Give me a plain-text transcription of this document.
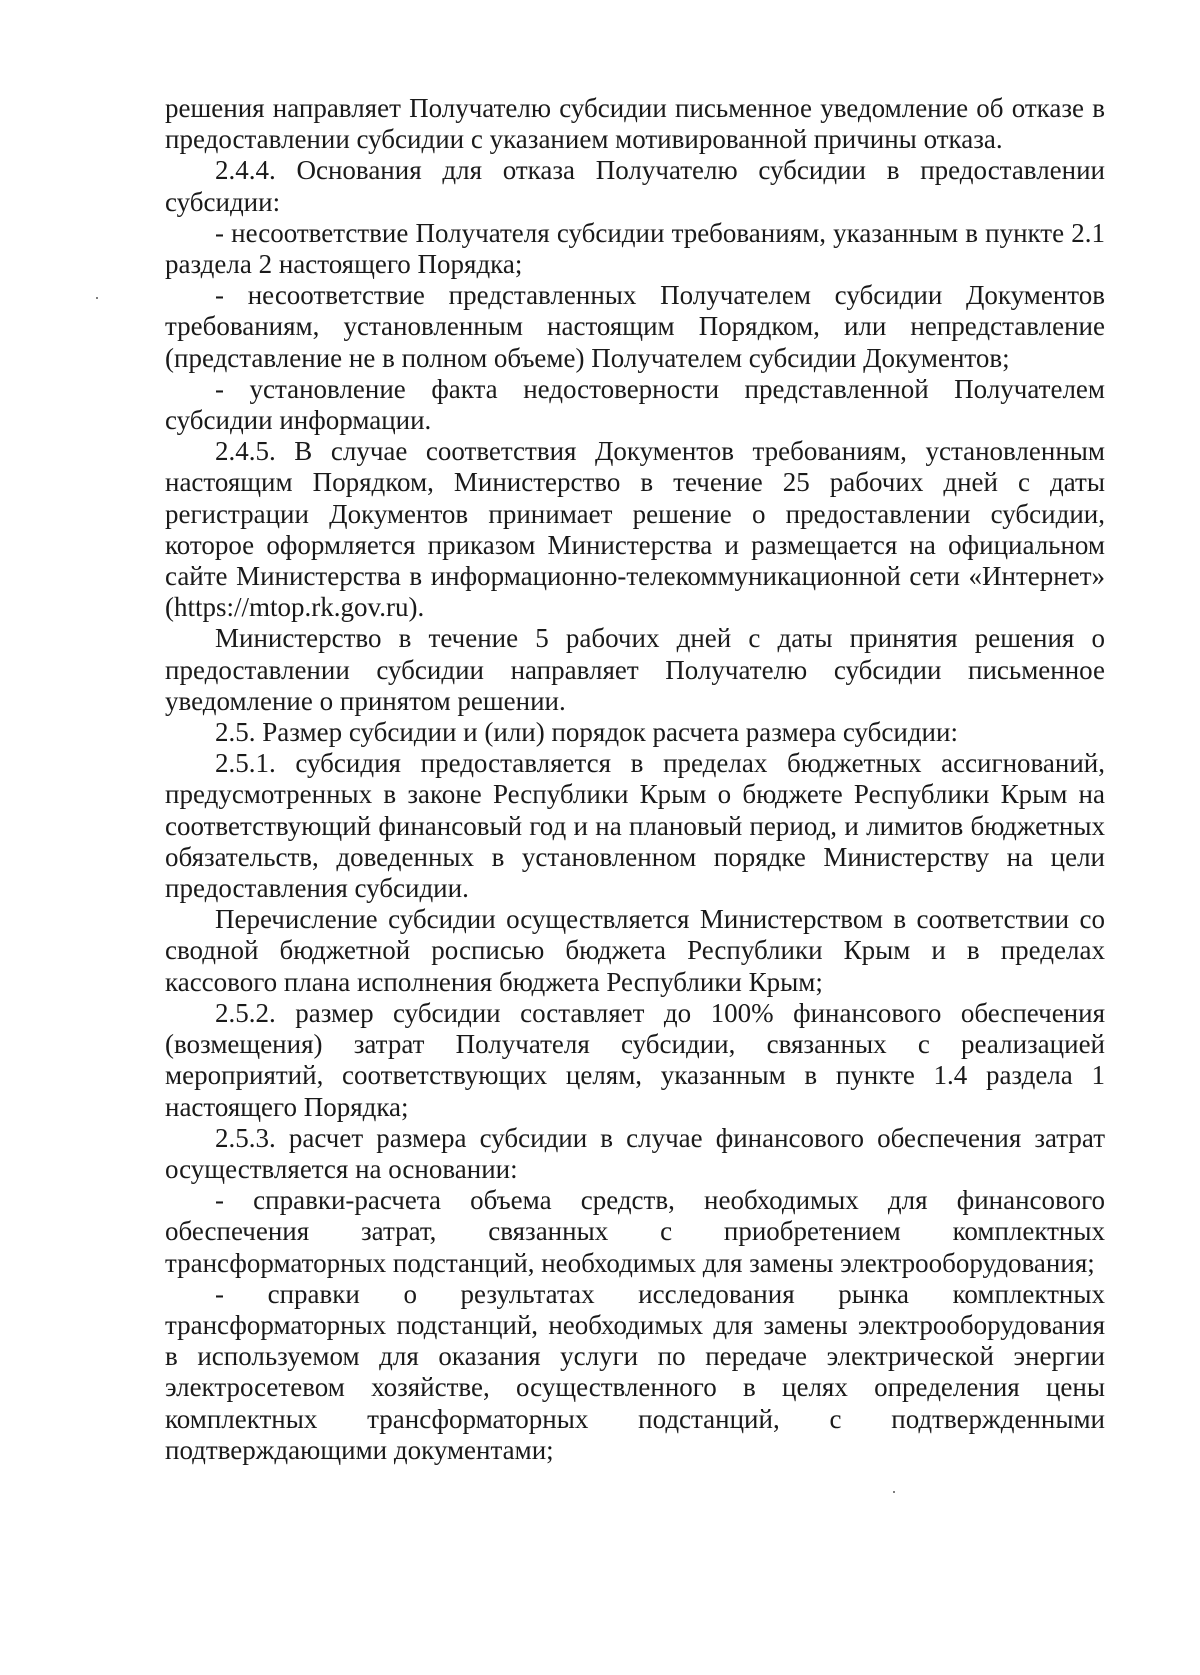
решения направляет Получателю субсидии письменное уведомление об отказе в предоставлении субсидии с указанием мотивированной причины отказа.

2.4.4. Основания для отказа Получателю субсидии в предоставлении субсидии:

- несоответствие Получателя субсидии требованиям, указанным в пункте 2.1 раздела 2 настоящего Порядка;

- несоответствие представленных Получателем субсидии Документов требованиям, установленным настоящим Порядком, или непредставление (представление не в полном объеме) Получателем субсидии Документов;

- установление факта недостоверности представленной Получателем субсидии информации.

2.4.5. В случае соответствия Документов требованиям, установленным настоящим Порядком, Министерство в течение 25 рабочих дней с даты регистрации Документов принимает решение о предоставлении субсидии, которое оформляется приказом Министерства и размещается на официальном сайте Министерства в информационно-телекоммуникационной сети «Интернет» (https://mtop.rk.gov.ru).

Министерство в течение 5 рабочих дней с даты принятия решения о предоставлении субсидии направляет Получателю субсидии письменное уведомление о принятом решении.

2.5. Размер субсидии и (или) порядок расчета размера субсидии:

2.5.1. субсидия предоставляется в пределах бюджетных ассигнований, предусмотренных в законе Республики Крым о бюджете Республики Крым на соответствующий финансовый год и на плановый период, и лимитов бюджетных обязательств, доведенных в установленном порядке Министерству на цели предоставления субсидии.

Перечисление субсидии осуществляется Министерством в соответствии со сводной бюджетной росписью бюджета Республики Крым и в пределах кассового плана исполнения бюджета Республики Крым;

2.5.2. размер субсидии составляет до 100% финансового обеспечения (возмещения) затрат Получателя субсидии, связанных с реализацией мероприятий, соответствующих целям, указанным в пункте 1.4 раздела 1 настоящего Порядка;

2.5.3. расчет размера субсидии в случае финансового обеспечения затрат осуществляется на основании:

- справки-расчета объема средств, необходимых для финансового обеспечения затрат, связанных с приобретением комплектных трансформаторных подстанций, необходимых для замены электрооборудования;

- справки о результатах исследования рынка комплектных трансформаторных подстанций, необходимых для замены электрооборудования в используемом для оказания услуги по передаче электрической энергии электросетевом хозяйстве, осуществленного в целях определения цены комплектных трансформаторных подстанций, с подтвержденными подтверждающими документами;
